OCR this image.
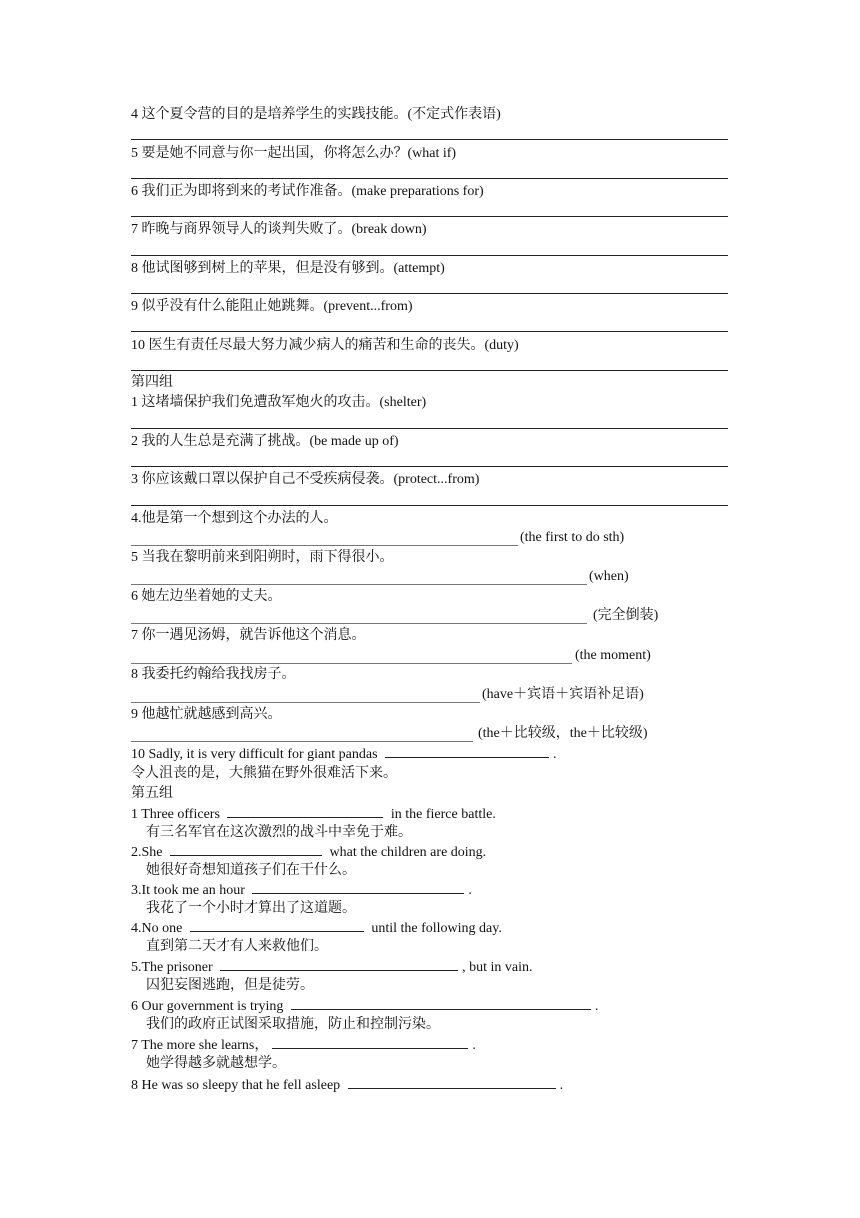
4 这个夏令营的目的是培养学生的实践技能。(不定式作表语)
5 要是她不同意与你一起出国，你将怎么办？(what if)
6 我们正为即将到来的考试作准备。(make preparations for)
7 昨晚与商界领导人的谈判失败了。(break down)
8 他试图够到树上的苹果，但是没有够到。(attempt)
9 似乎没有什么能阻止她跳舞。(prevent...from)
10 医生有责任尽最大努力减少病人的痛苦和生命的丧失。(duty)
第四组
1 这堵墙保护我们免遭敌军炮火的攻击。(shelter)
2 我的人生总是充满了挑战。(be made up of)
3 你应该戴口罩以保护自己不受疾病侵袭。(protect...from)
4.他是第一个想到这个办法的人。
(the first to do sth)
5 当我在黎明前来到阳朔时，雨下得很小。
(when)
6 她左边坐着她的丈夫。
(完全倒装)
7 你一遇见汤姆，就告诉他这个消息。
(the moment)
8 我委托约翰给我找房子。
(have＋宾语＋宾语补足语)
9 他越忙就越感到高兴。
(the＋比较级，the＋比较级)
10 Sadly, it is very difficult for giant pandas	.
令人沮丧的是，大熊猫在野外很难活下来。
第五组
1 Three officers	in the fierce battle.
有三名军官在这次激烈的战斗中幸免于难。
2.She	what the children are doing.
她很好奇想知道孩子们在干什么。
3.It took me an hour	.
我花了一个小时才算出了这道题。
4.No one	until the following day.
直到第二天才有人来救他们。
5.The prisoner	, but in vain.
囚犯妄图逃跑，但是徒劳。
6 Our government is trying	.
我们的政府正试图采取措施，防止和控制污染。
7 The more she learns，	.
她学得越多就越想学。
8 He was so sleepy that he fell asleep	.
